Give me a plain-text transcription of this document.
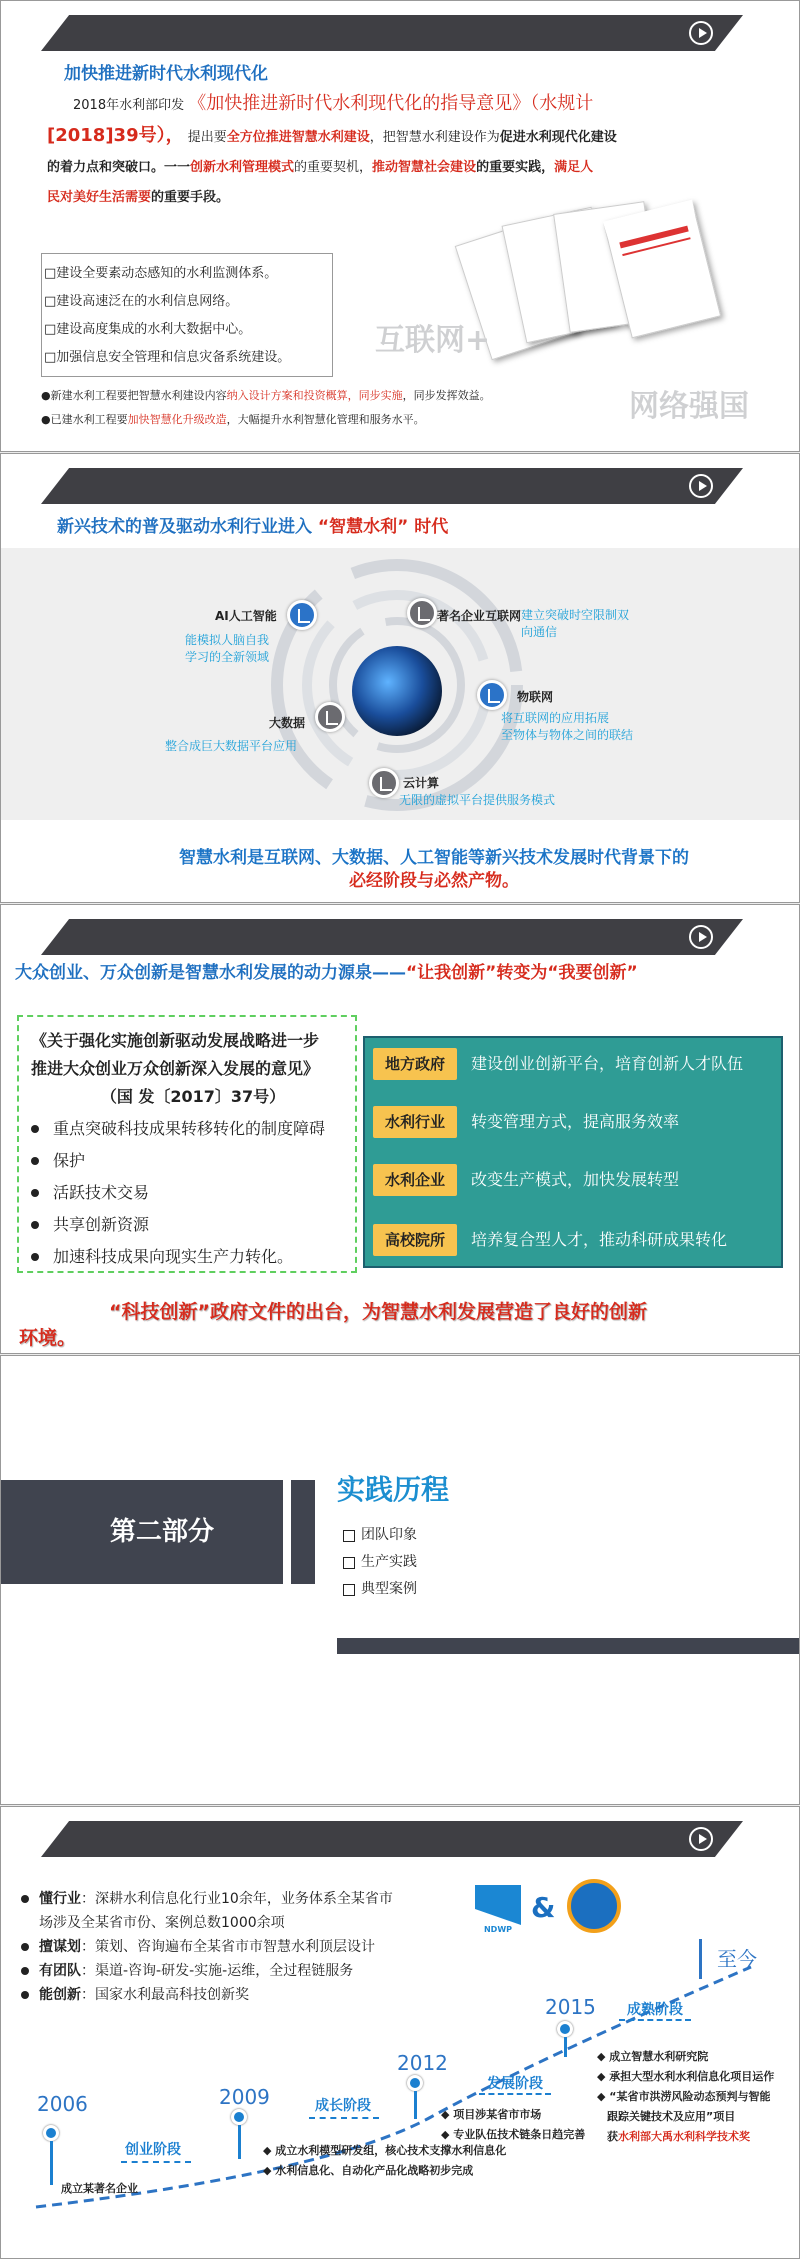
加快推进新时代水利现代化
2018年水利部印发 《加快推进新时代水利现代化的指导意见》（水规计
[2018]39号）， 提出要全方位推进智慧水利建设，把智慧水利建设作为促进水利现代化建设
的着力点和突破口。一一创新水利管理模式的重要契机，推动智慧社会建设的重要实践，满足人
民对美好生活需要的重要手段。
□建设全要素动态感知的水利监测体系。
□建设高速泛在的水利信息网络。
□建设高度集成的水利大数据中心。
□加强信息安全管理和信息灾备系统建设。
●新建水利工程要把智慧水利建设内容纳入设计方案和投资概算，同步实施，同步发挥效益。
●已建水利工程要加快智慧化升级改造，大幅提升水利智慧化管理和服务水平。
互联网+
网络强国
新兴技术的普及驱动水利行业进入 “智慧水利” 时代
AI人工智能
能模拟人脑自我
学习的全新领域
著名企业互联网 建立突破时空限制双
向通信
物联网
将互联网的应用拓展
至物体与物体之间的联结
大数据
整合成巨大数据平台应用
云计算
无限的虚拟平台提供服务模式
智慧水利是互联网、大数据、人工智能等新兴技术发展时代背景下的
必经阶段与必然产物。
大众创业、万众创新是智慧水利发展的动力源泉——“让我创新”转变为“我要创新”
《关于强化实施创新驱动发展战略进一步
推进大众创业万众创新深入发展的意见》
（国 发〔2017〕37号）
重点突破科技成果转移转化的制度障碍
保护
活跃技术交易
共享创新资源
加速科技成果向现实生产力转化。
地方政府	建设创业创新平台，培育创新人才队伍
水利行业	转变管理方式，提高服务效率
水利企业	改变生产模式，加快发展转型
高校院所	培养复合型人才，推动科研成果转化
“科技创新”政府文件的出台，为智慧水利发展营造了良好的创新
环境。
第二部分
实践历程
团队印象
生产实践
典型案例
懂行业：深耕水利信息化行业10余年，业务体系全某省市
场涉及全某省市份、案例总数1000余项
擅谋划：策划、咨询遍布全某省市市智慧水利顶层设计
有团队：渠道-咨询-研发-实施-运维，全过程链服务
能创新：国家水利最高科技创新奖
NDWP
&
2006
成立某著名企业
创业阶段
2009	成长阶段
◆ 成立水利模型研发组，核心技术支撑水利信息化
◆ 水利信息化、自动化产品化战略初步完成
2012
发展阶段
◆ 项目涉某省市市场
◆ 专业队伍技术链条日趋完善
2015 成熟阶段
◆ 成立智慧水利研究院
◆ 承担大型水利水利信息化项目运作
◆ “某省市洪涝风险动态预判与智能
跟踪关键技术及应用”项目
获水利部大禹水利科学技术奖
至今
